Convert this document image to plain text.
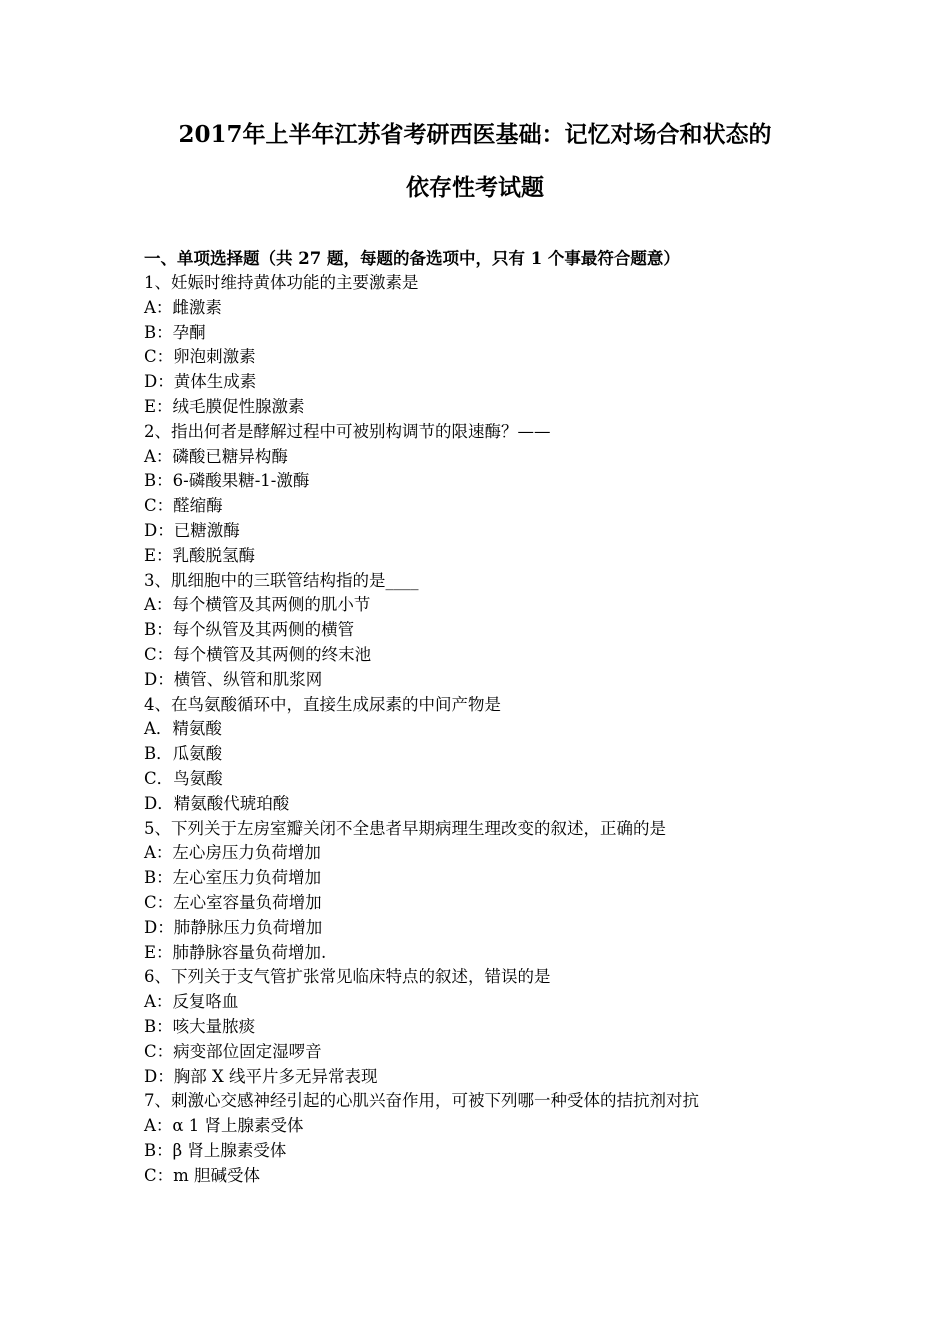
2017年上半年江苏省考研西医基础：记忆对场合和状态的
依存性考试题
一、单项选择题（共 27 题，每题的备选项中，只有 1 个事最符合题意）
1、妊娠时维持黄体功能的主要激素是
A：雌激素
B：孕酮
C：卵泡刺激素
D：黄体生成素
E：绒毛膜促性腺激素
2、指出何者是酵解过程中可被别构调节的限速酶？——
A：磷酸已糖异构酶
B：6-磷酸果糖-1-激酶
C：醛缩酶
D：已糖激酶
E：乳酸脱氢酶
3、肌细胞中的三联管结构指的是____
A：每个横管及其两侧的肌小节
B：每个纵管及其两侧的横管
C：每个横管及其两侧的终末池
D：横管、纵管和肌浆网
4、在鸟氨酸循环中，直接生成尿素的中间产物是
A．精氨酸
B．瓜氨酸
C．鸟氨酸
D．精氨酸代琥珀酸
5、下列关于左房室瓣关闭不全患者早期病理生理改变的叙述，正确的是
A：左心房压力负荷增加
B：左心室压力负荷增加
C：左心室容量负荷增加
D：肺静脉压力负荷增加
E：肺静脉容量负荷增加.
6、下列关于支气管扩张常见临床特点的叙述，错误的是
A：反复咯血
B：咳大量脓痰
C：病变部位固定湿啰音
D：胸部 X 线平片多无异常表现
7、刺激心交感神经引起的心肌兴奋作用，可被下列哪一种受体的拮抗剂对抗
A：α 1 肾上腺素受体
B：β 肾上腺素受体
C：m 胆碱受体
